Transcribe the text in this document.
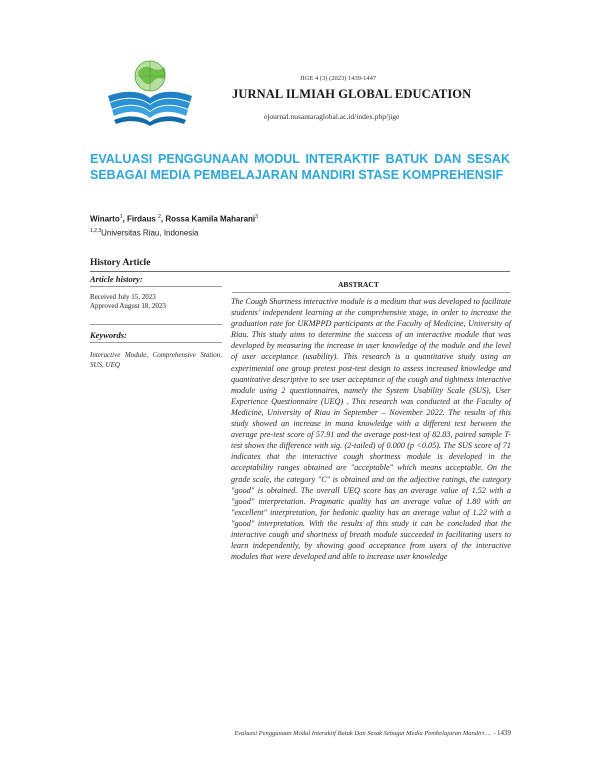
JIGE 4 (3) (2023) 1439-1447
JURNAL ILMIAH GLOBAL EDUCATION
ejournal.nusantaraglobal.ac.id/index.php/jige
EVALUASI PENGGUNAAN MODUL INTERAKTIF BATUK DAN SESAK SEBAGAI MEDIA PEMBELAJARAN MANDIRI STASE KOMPREHENSIF
Winarto$^1$, Firdaus $^2$, Rossa Kamila Maharani$^3$
$^{1,2,3}$Universitas Riau, Indonesia
History Article
Article history:
Received July 15, 2023
Approved August 18, 2023
Keywords:
Interactive Module, Comprehensive Station, SUS, UEQ
ABSTRACT
The Cough Shortness interactive module is a medium that was developed to facilitate students' independent learning at the comprehensive stage, in order to increase the graduation rate for UKMPPD participants at the Faculty of Medicine, University of Riau. This study aims to determine the success of an interactive module that was developed by measuring the increase in user knowledge of the module and the level of user acceptance (usability). This research is a quantitative study using an experimental one group pretest post-test design to assess increased knowledge and quantitative descriptive to see user acceptance of the cough and tightness interactive module using 2 questionnaires, namely the System Usability Scale (SUS), User Experience Questionnaire (UEQ) . This research was conducted at the Faculty of Medicine, University of Riau in September – November 2022. The results of this study showed an increase in mana knowledge with a different test between the average pre-test score of 57.91 and the average post-test of 82.83, paired sample T-test shows the difference with sig. (2-tailed) of 0.000 (p <0.05). The SUS score of 71 indicates that the interactive cough shortness module is developed in the acceptability ranges obtained are "acceptable" which means acceptable. On the grade scale, the category "C" is obtained and on the adjective ratings, the category "good" is obtained. The overall UEQ score has an average value of 1.52 with a "good" interpretation. Pragmatic quality has an average value of 1.80 with an "excellent" interpretation, for hedonic quality has an average value of 1.22 with a "good" interpretation. With the results of this study it can be concluded that the interactive cough and shortness of breath module succeeded in facilitating users to learn independently, by showing good acceptance from users of the interactive modules that were developed and able to increase user knowledge
Evaluasi Penggunaan Modul Interaktif Batuk Dan Sesak Sebagai Media Pembelajaran Mandiri … - 1439
